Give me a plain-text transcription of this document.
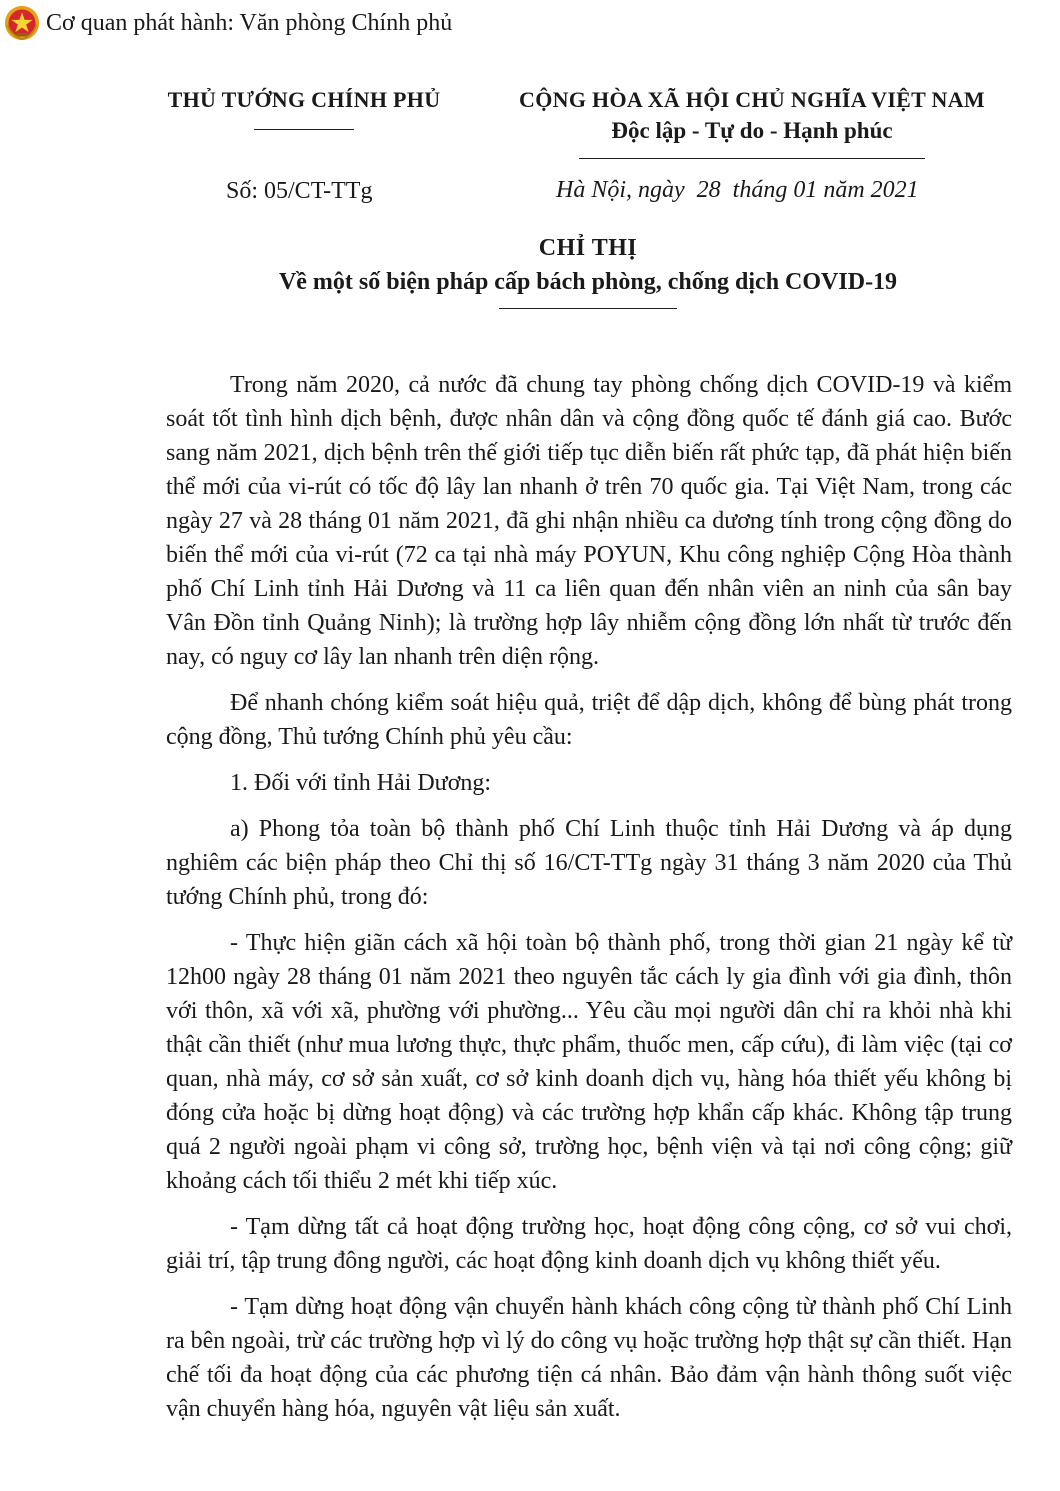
Cơ quan phát hành: Văn phòng Chính phủ
THỦ TƯỚNG CHÍNH PHỦ	CỘNG HÒA XÃ HỘI CHỦ NGHĨA VIỆT NAM
Độc lập - Tự do - Hạnh phúc
Số: 05/CT-TTg	Hà Nội, ngày  28  tháng 01 năm 2021
CHỈ THỊ
Về một số biện pháp cấp bách phòng, chống dịch COVID-19

Trong năm 2020, cả nước đã chung tay phòng chống dịch COVID-19 và kiểm soát tốt tình hình dịch bệnh, được nhân dân và cộng đồng quốc tế đánh giá cao. Bước sang năm 2021, dịch bệnh trên thế giới tiếp tục diễn biến rất phức tạp, đã phát hiện biến thể mới của vi-rút có tốc độ lây lan nhanh ở trên 70 quốc gia. Tại Việt Nam, trong các ngày 27 và 28 tháng 01 năm 2021, đã ghi nhận nhiều ca dương tính trong cộng đồng do biến thể mới của vi-rút (72 ca tại nhà máy POYUN, Khu công nghiệp Cộng Hòa thành phố Chí Linh tỉnh Hải Dương và 11 ca liên quan đến nhân viên an ninh của sân bay Vân Đồn tỉnh Quảng Ninh); là trường hợp lây nhiễm cộng đồng lớn nhất từ trước đến nay, có nguy cơ lây lan nhanh trên diện rộng.

Để nhanh chóng kiểm soát hiệu quả, triệt để dập dịch, không để bùng phát trong cộng đồng, Thủ tướng Chính phủ yêu cầu:

1. Đối với tỉnh Hải Dương:

a) Phong tỏa toàn bộ thành phố Chí Linh thuộc tỉnh Hải Dương và áp dụng nghiêm các biện pháp theo Chỉ thị số 16/CT-TTg ngày 31 tháng 3 năm 2020 của Thủ tướng Chính phủ, trong đó:

- Thực hiện giãn cách xã hội toàn bộ thành phố, trong thời gian 21 ngày kể từ 12h00 ngày 28 tháng 01 năm 2021 theo nguyên tắc cách ly gia đình với gia đình, thôn với thôn, xã với xã, phường với phường... Yêu cầu mọi người dân chỉ ra khỏi nhà khi thật cần thiết (như mua lương thực, thực phẩm, thuốc men, cấp cứu), đi làm việc (tại cơ quan, nhà máy, cơ sở sản xuất, cơ sở kinh doanh dịch vụ, hàng hóa thiết yếu không bị đóng cửa hoặc bị dừng hoạt động) và các trường hợp khẩn cấp khác. Không tập trung quá 2 người ngoài phạm vi công sở, trường học, bệnh viện và tại nơi công cộng; giữ khoảng cách tối thiểu 2 mét khi tiếp xúc.

- Tạm dừng tất cả hoạt động trường học, hoạt động công cộng, cơ sở vui chơi, giải trí, tập trung đông người, các hoạt động kinh doanh dịch vụ không thiết yếu.

- Tạm dừng hoạt động vận chuyển hành khách công cộng từ thành phố Chí Linh ra bên ngoài, trừ các trường hợp vì lý do công vụ hoặc trường hợp thật sự cần thiết. Hạn chế tối đa hoạt động của các phương tiện cá nhân. Bảo đảm vận hành thông suốt việc vận chuyển hàng hóa, nguyên vật liệu sản xuất.
